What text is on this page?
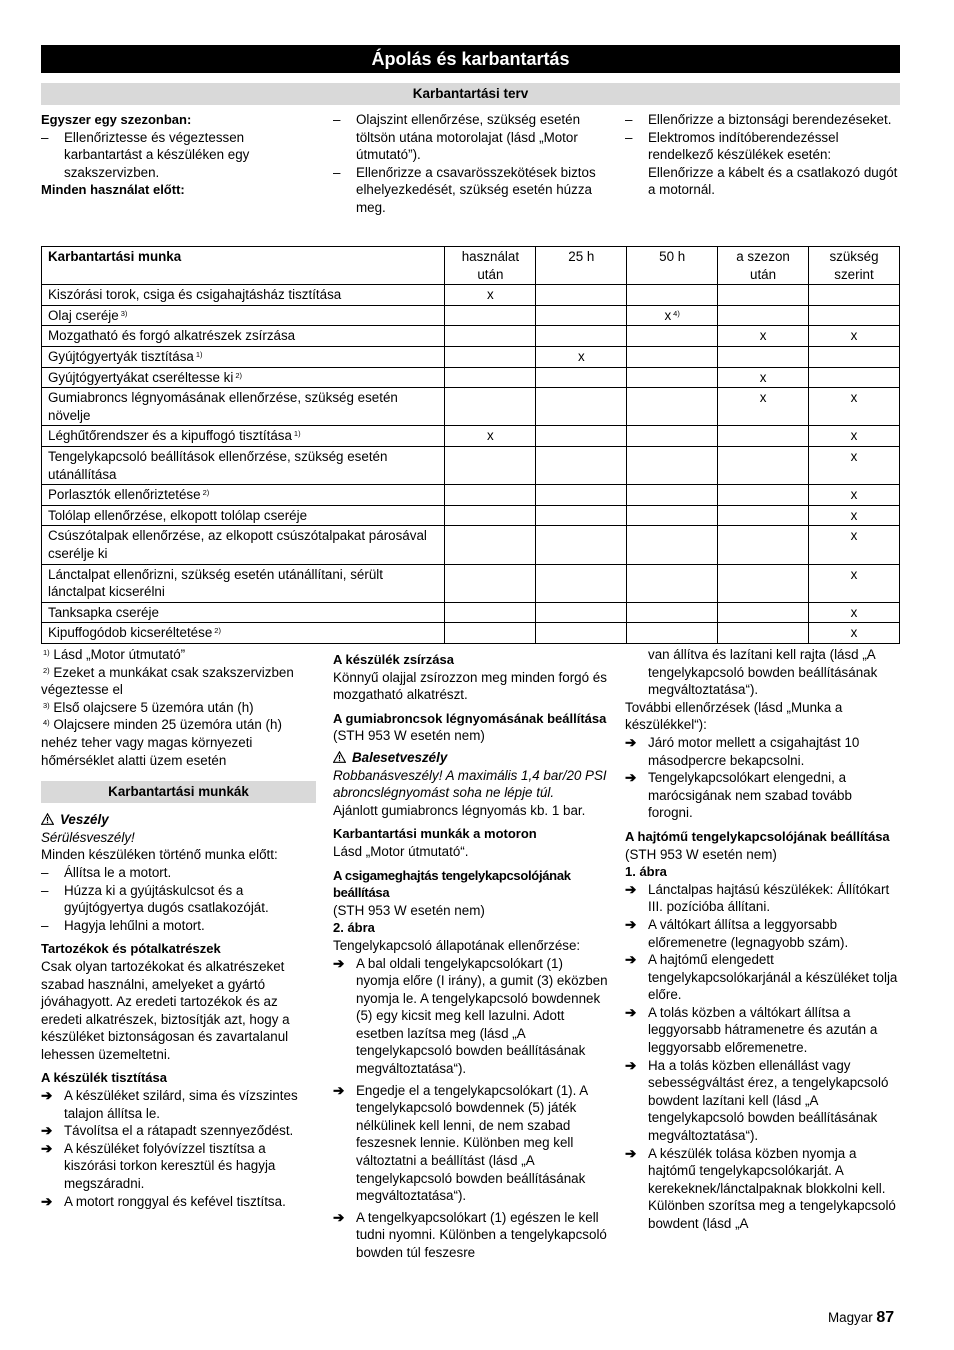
Ápolás és karbantartás
Karbantartási terv
Egyszer egy szezonban:
– Ellenőriztesse és végeztessen karbantartást a készüléken egy szakszervizben.
Minden használat előtt:
– Olajszint ellenőrzése, szükség esetén töltsön utána motorolajat (lásd „Motor útmutató”).
– Ellenőrizze a csavarösszekötések biztos elhelyezkedését, szükség esetén húzza meg.
– Ellenőrizze a biztonsági berendezéseket.
– Elektromos indítóberendezéssel rendelkező készülékek esetén: Ellenőrizze a kábelt és a csatlakozó dugót a motornál.
Karbantartási munka	használat után	25 h	50 h	a szezon után	szükség szerint
Kiszórási torok, csiga és csigahajtásház tisztítása	x				
Olaj cseréje $^{3)}$			x $^{4)}$		
Mozgatható és forgó alkatrészek zsírzása				x	x
Gyújtógyertyák tisztítása $^{1)}$		x			
Gyújtógyertyákat cseréltesse ki $^{2)}$				x	
Gumiabroncs légnyomásának ellenőrzése, szükség esetén növelje				x	x
Léghűtőrendszer és a kipuffogó tisztítása $^{1)}$	x				x
Tengelykapcsoló beállítások ellenőrzése, szükség esetén utánállítása					x
Porlasztók ellenőriztetése $^{2)}$					x
Tolólap ellenőrzése, elkopott tolólap cseréje					x
Csúszótalpak ellenőrzése, az elkopott csúszótalpakat párosával cserélje ki					x
Lánctalpat ellenőrizni, szükség esetén utánállítani, sérült lánctalpat kicserélni					x
Tanksapka cseréje					x
Kipuffogódob kicseréltetése $^{2)}$					x
$^{1)}$ Lásd „Motor útmutató”
$^{2)}$ Ezeket a munkákat csak szakszervizben végeztesse el
$^{3)}$ Első olajcsere 5 üzemóra után (h)
$^{4)}$ Olajcsere minden 25 üzemóra után (h) nehéz teher vagy magas környezeti hőmérséklet alatti üzem esetén
Karbantartási munkák
Veszély
Sérülésveszély!
Minden készüléken történő munka előtt:
– Állítsa le a motort.
– Húzza ki a gyújtáskulcsot és a gyújtógyertya dugós csatlakozóját.
– Hagyja lehűlni a motort.
Tartozékok és pótalkatrészek
Csak olyan tartozékokat és alkatrészeket szabad használni, amelyeket a gyártó jóváhagyott. Az eredeti tartozékok és az eredeti alkatrészek, biztosítják azt, hogy a készüléket biztonságosan és zavartalanul lehessen üzemeltetni.
A készülék tisztítása
➔ A készüléket szilárd, sima és vízszintes talajon állítsa le.
➔ Távolítsa el a rátapadt szennyeződést.
➔ A készüléket folyóvízzel tisztítsa a kiszórási torkon keresztül és hagyja megszáradni.
➔ A motort ronggyal és kefével tisztítsa.
A készülék zsírzása
Könnyű olajjal zsírozzon meg minden forgó és mozgatható alkatrészt.
A gumiabroncsok légnyomásának beállítása
(STH 953 W esetén nem)
Balesetveszély
Robbanásveszély! A maximális 1,4 bar/20 PSI abroncslégnyomást soha ne lépje túl.
Ajánlott gumiabroncs légnyomás kb. 1 bar.
Karbantartási munkák a motoron
Lásd „Motor útmutató“.
A csigameghajtás tengelykapcsolójának beállítása
(STH 953 W esetén nem)
2. ábra
Tengelykapcsoló állapotának ellenőrzése:
➔ A bal oldali tengelykapcsolókart (1) nyomja előre (I irány), a gumit (3) eközben nyomja le. A tengelykapcsoló bowdennek (5) egy kicsit meg kell lazulni. Adott esetben lazítsa meg (lásd „A tengelykapcsoló bowden beállításának megváltoztatása“).
➔ Engedje el a tengelykapcsolókart (1). A tengelykapcsoló bowdennek (5) játék nélkülinek kell lenni, de nem szabad feszesnek lennie. Különben meg kell változtatni a beállítást (lásd „A tengelykapcsoló bowden beállításának megváltoztatása“).
➔ A tengelkyapcsolókart (1) egészen le kell tudni nyomni. Különben a tengelykapcsoló bowden túl feszesre
van állítva és lazítani kell rajta (lásd „A tengelykapcsoló bowden beállításának megváltoztatása“).
További ellenőrzések (lásd „Munka a készülékkel“):
➔ Járó motor mellett a csigahajtást 10 másodpercre bekapcsolni.
➔ Tengelykapcsolókart elengedni, a marócsigának nem szabad tovább forogni.
A hajtómű tengelykapcsolójának beállítása
(STH 953 W esetén nem)
1. ábra
➔ Lánctalpas hajtású készülékek: Állítókart III. pozícióba állítani.
➔ A váltókart állítsa a leggyorsabb előremenetre (legnagyobb szám).
➔ A hajtómű elengedett tengelykapcsolókarjánál a készüléket tolja előre.
➔ A tolás közben a váltókart állítsa a leggyorsabb hátramenetre és azután a leggyorsabb előremenetre.
➔ Ha a tolás közben ellenállást vagy sebességváltást érez, a tengelykapcsoló bowdent lazítani kell (lásd „A tengelykapcsoló bowden beállításának megváltoztatása“).
➔ A készülék tolása közben nyomja a hajtómű tengelykapcsolókarját. A kerekeknek/lánctalpaknak blokkolni kell. Különben szorítsa meg a tengelykapcsoló bowdent (lásd „A
Magyar 87
